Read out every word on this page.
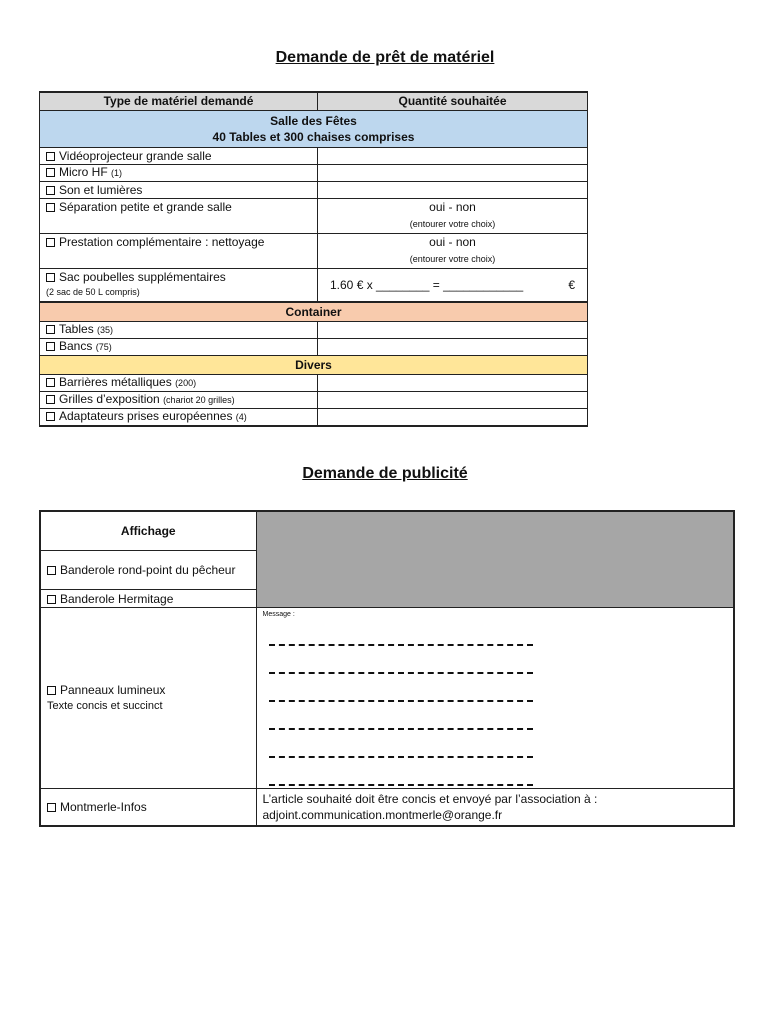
Demande de prêt de matériel
Type de matériel demandé	Quantité souhaitée
Salle des Fêtes
40 Tables et 300 chaises comprises	
Vidéoprojecteur grande salle	
Micro HF (1)	
Son et lumières	
Séparation petite et grande salle	oui - non
(entourer votre choix)

Prestation complémentaire : nettoyage	oui - non
(entourer votre choix)

Sac poubelles supplémentaires
(2 sac de 50 L compris)	1.60 € x ________ = ____________ €

Container	
Tables (35)	
Bancs (75)	
Divers	
Barrières métalliques (200)	
Grilles d’exposition (chariot 20 grilles)	
Adaptateurs prises européennes (4)	
Demande de publicité
Affichage	
Banderole rond-point du pêcheur	
Banderole Hermitage	
Panneaux lumineux
Texte concis et succinct	Message :

Montmerle-Infos	L’article souhaité doit être concis et envoyé par l’association à : adjoint.communication.montmerle@orange.fr
